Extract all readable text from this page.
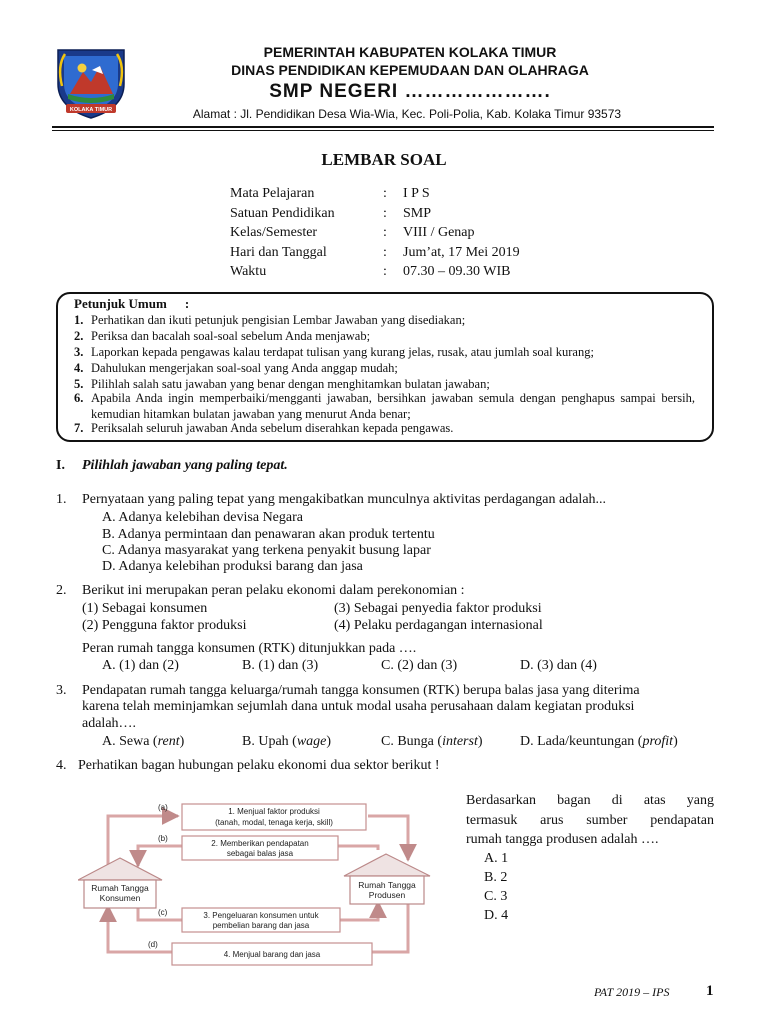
KOLAKA TIMUR
PEMERINTAH KABUPATEN KOLAKA TIMUR
DINAS PENDIDIKAN KEPEMUDAAN DAN OLAHRAGA
SMP NEGERI ………………….
Alamat : Jl. Pendidikan Desa Wia-Wia, Kec. Poli-Polia, Kab. Kolaka Timur 93573
LEMBAR SOAL
Mata Pelajaran	: I P S
Satuan Pendidikan	: SMP
Kelas/Semester	: VIII / Genap
Hari dan Tanggal	: Jum’at, 17 Mei 2019
Waktu	: 07.30 – 09.30 WIB
Petunjuk Umum :
1. Perhatikan dan ikuti petunjuk pengisian Lembar Jawaban yang disediakan;
2. Periksa dan bacalah soal-soal sebelum Anda menjawab;
3. Laporkan kepada pengawas kalau terdapat tulisan yang kurang jelas, rusak, atau jumlah soal kurang;
4. Dahulukan mengerjakan soal-soal yang Anda anggap mudah;
5. Pilihlah salah satu jawaban yang benar dengan menghitamkan bulatan jawaban;
6. Apabila Anda ingin memperbaiki/mengganti jawaban, bersihkan jawaban semula dengan penghapus sampai bersih, kemudian hitamkan bulatan jawaban yang menurut Anda benar;
7. Periksalah seluruh jawaban Anda sebelum diserahkan kepada pengawas.
I. Pilihlah jawaban yang paling tepat.
1. Pernyataan yang paling tepat yang mengakibatkan munculnya aktivitas perdagangan adalah...
A. Adanya kelebihan devisa Negara
B. Adanya permintaan dan penawaran akan produk tertentu
C. Adanya masyarakat yang terkena penyakit busung lapar
D. Adanya kelebihan produksi barang dan jasa
2. Berikut ini merupakan peran pelaku ekonomi dalam perekonomian :
(1) Sebagai konsumen	(3) Sebagai penyedia faktor produksi
(2) Pengguna faktor produksi	(4) Pelaku perdagangan internasional
Peran rumah tangga konsumen (RTK) ditunjukkan pada ….
A. (1) dan (2)	B. (1) dan (3)	C. (2) dan (3)	D. (3) dan (4)
3. Pendapatan rumah tangga keluarga/rumah tangga konsumen (RTK) berupa balas jasa yang diterima
karena telah meminjamkan sejumlah dana untuk modal usaha perusahaan dalam kegiatan produksi
adalah….
A. Sewa (rent)	B. Upah (wage)	C. Bunga (interst)	D. Lada/keuntungan (profit)
4. Perhatikan bagan hubungan pelaku ekonomi dua sektor berikut !
(a)
(b)
(c)
(d)
1. Menjual faktor produksi
(tanah, modal, tenaga kerja, skill)
2. Memberikan pendapatan
sebagai balas jasa
3. Pengeluaran konsumen untuk
pembelian barang dan jasa
4. Menjual barang dan jasa
Rumah Tangga
Konsumen
Rumah Tangga
Produsen
Berdasarkan bagan di atas yang
termasuk arus sumber pendapatan
rumah tangga produsen adalah ….
A. 1
B. 2
C. 3
D. 4
PAT 2019 – IPS 1
